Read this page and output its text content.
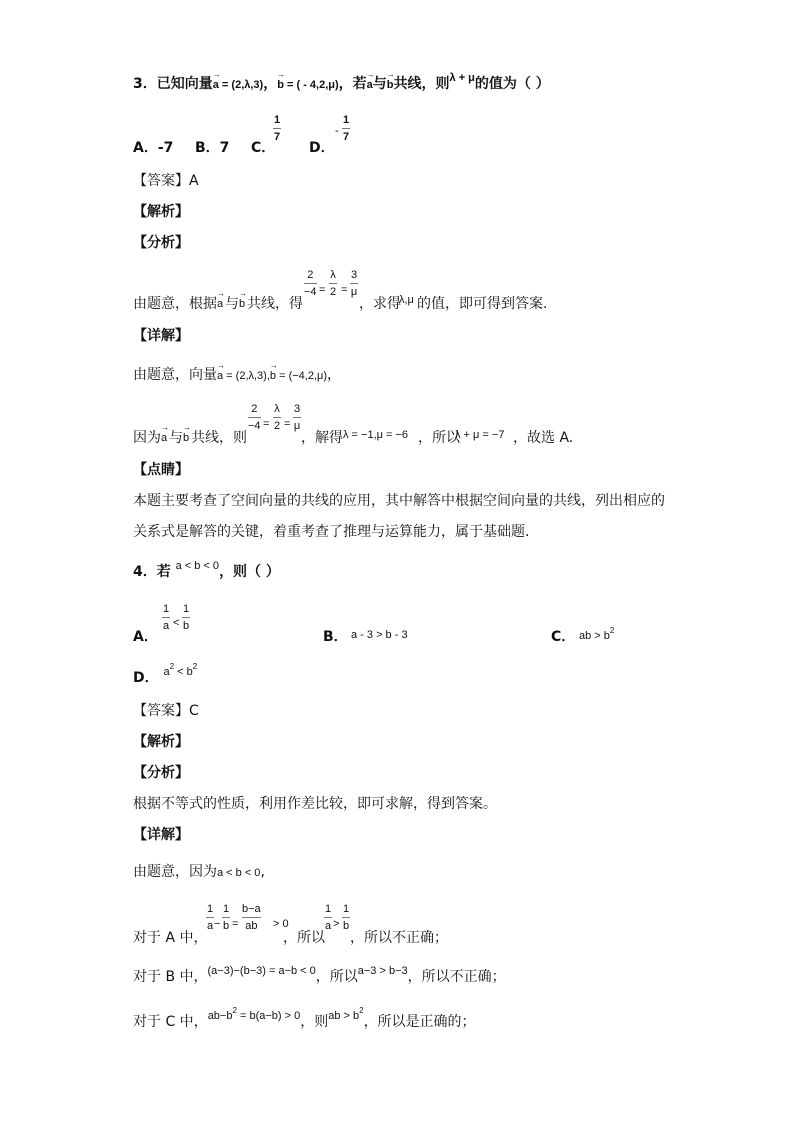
3．已知向量→ a = (2,λ,3)，→ b = ( - 4,2,μ)，若→ a与→ b共线，则$^{\lambda + \mu}$的值为（ ）
A．-7 B．7 C．
1
7
D．
-
1
7
【答案】A
【解析】
【分析】
由题意，根据 → a 与 → b 共线，得
2
−4 =
λ
2 =
3
μ
，求得
λ,μ 的值，即可得到答案.
【详解】
由题意，向量→ a = (2,λ,3),→ b = (−4,2,μ)，
因为 → a 与 → b 共线，则
2
−4 =
λ
2 =
3
μ
，解得 λ = −1,μ = −6 ，所以
λ + μ = −7 ，故选 A.
【点睛】
本题主要考查了空间向量的共线的应用，其中解答中根据空间向量的共线，列出相应的关系式是解答的关键，着重考查了推理与运算能力，属于基础题.
4．若 $^{a < b < 0}$，则（ ）
A．
1
a <
1
b
B． a - 3 > b - 3	C． ab > $b^2$
D． $a^2 < b^2$
【答案】C
【解析】
【分析】
根据不等式的性质，利用作差比较，即可求解，得到答案。
【详解】
由题意，因为a < b < 0,
对于 A 中，
1
a −
1
b =
b−a
ab > 0
，所以
1
a >
1
b
，所以不正确；
对于 B 中，$^{(a-3)-(b-3) = a-b < 0}$，所以$^{a-3 > b-3}$，所以不正确；
对于 C 中，$ab-b^2 = b(a-b) > 0$，则ab > $b^2$，所以是正确的；
